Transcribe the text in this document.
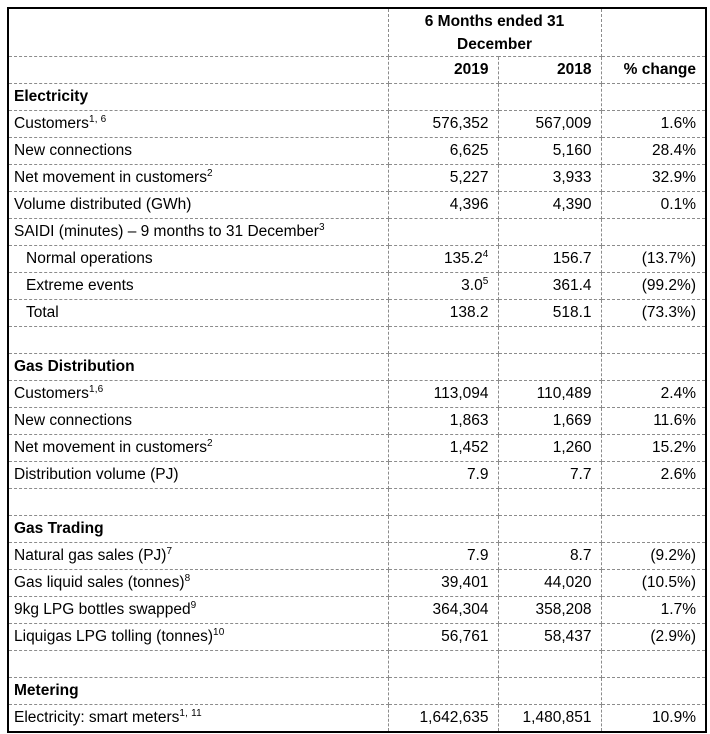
	6 Months ended 31 December		
	2019	2018	% change
Electricity			
Customers$^{1, 6}$	576,352	567,009	1.6%
New connections	6,625	5,160	28.4%
Net movement in customers$^2$	5,227	3,933	32.9%
Volume distributed (GWh)	4,396	4,390	0.1%
SAIDI (minutes) – 9 months to 31 December$^3$			
Normal operations	135.2$^4$	156.7	(13.7%)
Extreme events	$3.0^5$	361.4	(99.2%)
Total	138.2	518.1	(73.3%)

Gas Distribution			
Customers$^{1,6}$	113,094	110,489	2.4%
New connections	1,863	1,669	11.6%
Net movement in customers$^2$	1,452	1,260	15.2%
Distribution volume (PJ)	7.9	7.7	2.6%

Gas Trading			
Natural gas sales (PJ)$^7$	7.9	8.7	(9.2%)
Gas liquid sales (tonnes)$^8$	39,401	44,020	(10.5%)
9kg LPG bottles swapped$^9$	364,304	358,208	1.7%
Liquigas LPG tolling (tonnes)$^{10}$	56,761	58,437	(2.9%)

Metering			
Electricity: smart meters$^{1, 11}$	1,642,635	1,480,851	10.9%
